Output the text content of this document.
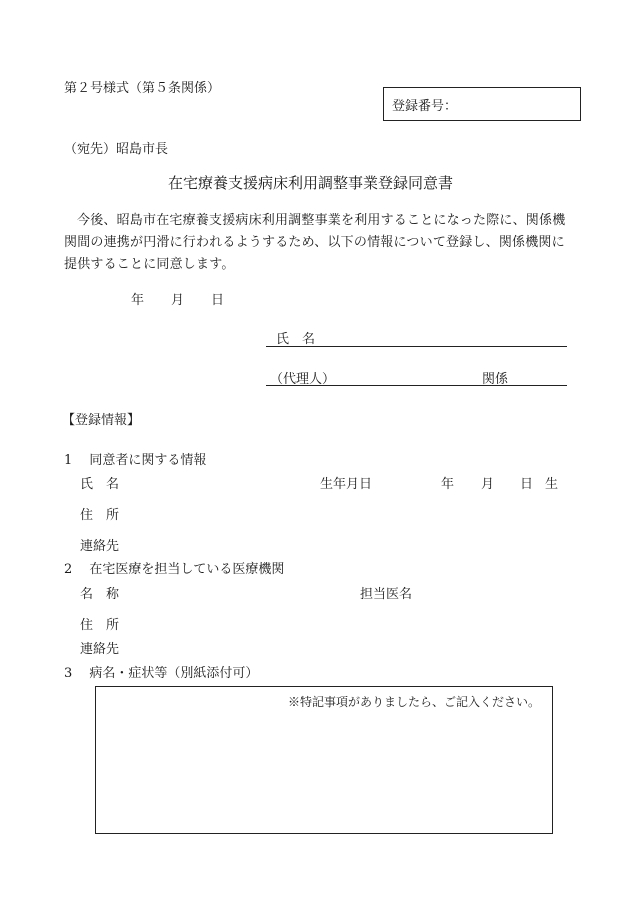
第２号様式（第５条関係）
登録番号：
（宛先）昭島市長
在宅療養支援病床利用調整事業登録同意書
今後、昭島市在宅療養支援病床利用調整事業を利用することになった際に、関係機関間の連携が円滑に行われるようするため、以下の情報について登録し、関係機関に提供することに同意します。
年 月 日
氏　名
（代理人）	関係
【登録情報】
1　 同意者に関する情報
氏　名	生年月日	年 月 日 生
住　所
連絡先
2　 在宅医療を担当している医療機関
名　称	担当医名
住　所
連絡先
3　 病名・症状等（別紙添付可）
※特記事項がありましたら、ご記入ください。
